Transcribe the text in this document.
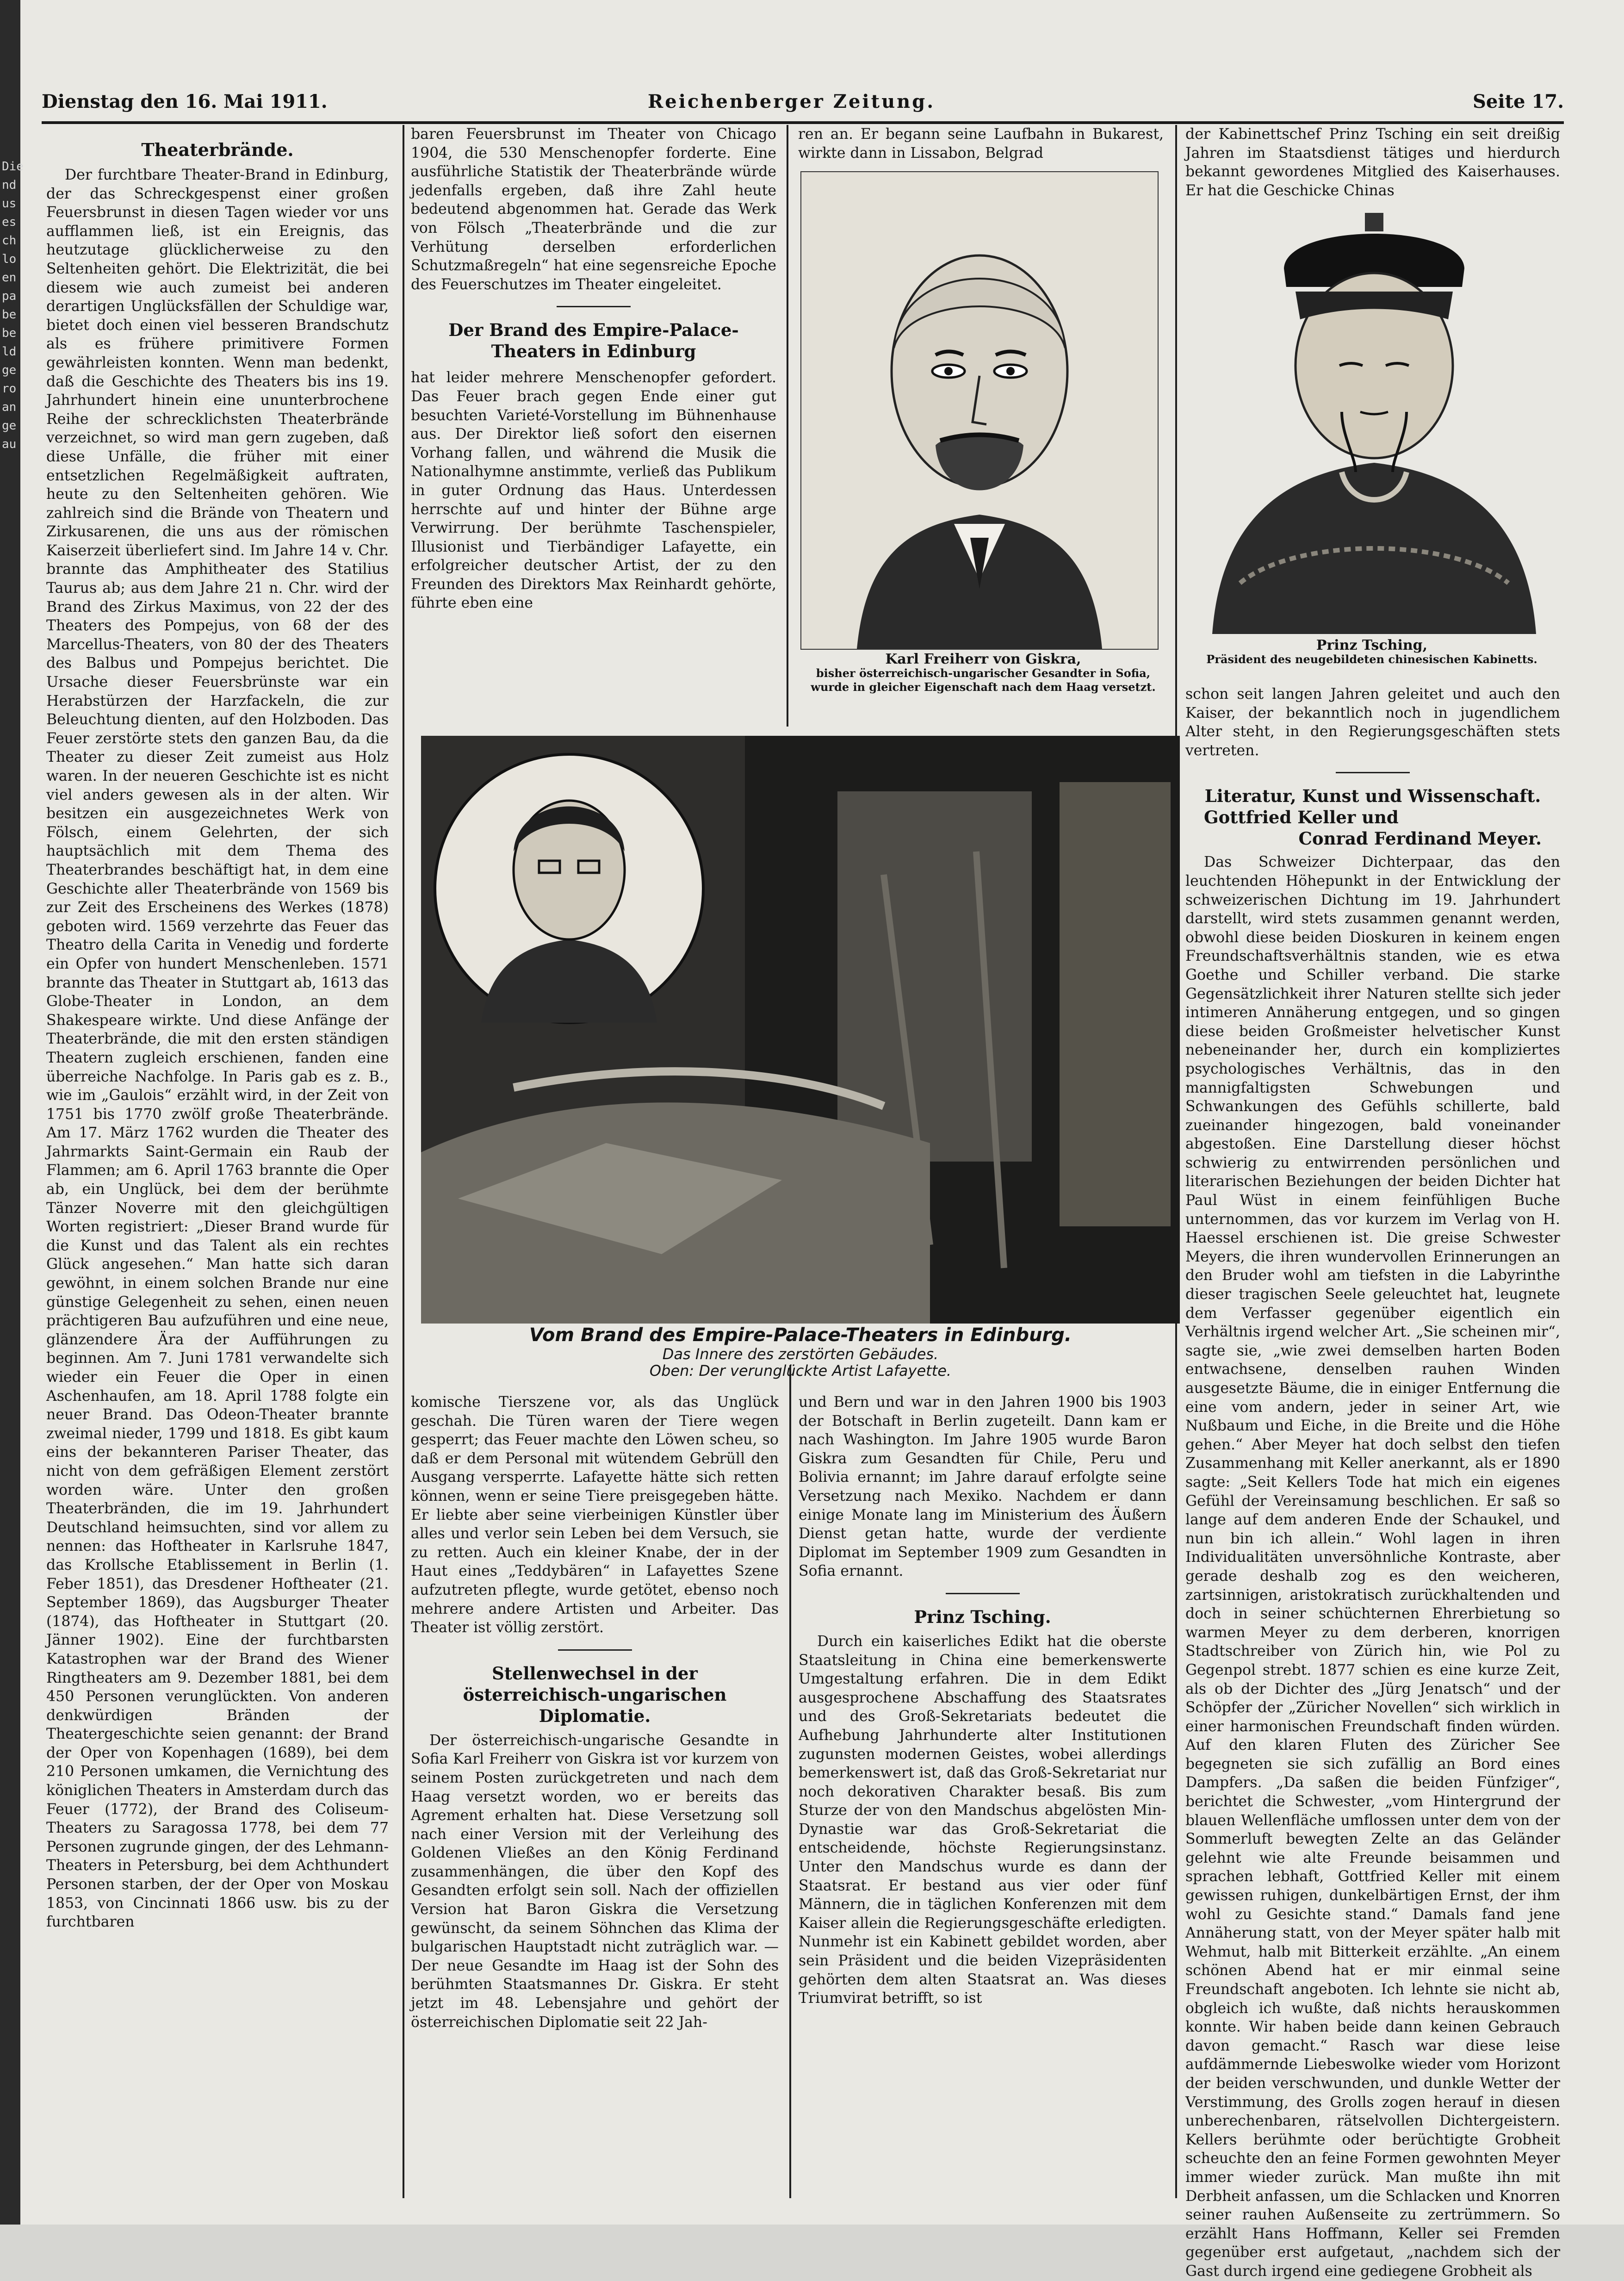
Die
nd
us
es
ch
lo
en
pa
be
be
ld
ge
ro
an
ge
au
Dienstag den 16. Mai 1911.	Reichenberger Zeitung.	Seite 17.
Theaterbrände.

Der furchtbare Theater-Brand in Edinburg, der das Schreckgespenst einer großen Feuersbrunst in diesen Tagen wieder vor uns aufflammen ließ, ist ein Ereignis, das heutzutage glücklicherweise zu den Seltenheiten gehört. Die Elektrizität, die bei diesem wie auch zumeist bei anderen derartigen Unglücksfällen der Schuldige war, bietet doch einen viel besseren Brandschutz als es frühere primitivere Formen gewährleisten konnten. Wenn man bedenkt, daß die Geschichte des Theaters bis ins 19. Jahrhundert hinein eine ununterbrochene Reihe der schrecklichsten Theaterbrände verzeichnet, so wird man gern zugeben, daß diese Unfälle, die früher mit einer entsetzlichen Regelmäßigkeit auftraten, heute zu den Seltenheiten gehören. Wie zahlreich sind die Brände von Theatern und Zirkusarenen, die uns aus der römischen Kaiserzeit überliefert sind. Im Jahre 14 v. Chr. brannte das Amphitheater des Statilius Taurus ab; aus dem Jahre 21 n. Chr. wird der Brand des Zirkus Maximus, von 22 der des Theaters des Pompejus, von 68 der des Marcellus-Theaters, von 80 der des Theaters des Balbus und Pompejus berichtet. Die Ursache dieser Feuersbrünste war ein Herabstürzen der Harzfackeln, die zur Beleuchtung dienten, auf den Holzboden. Das Feuer zerstörte stets den ganzen Bau, da die Theater zu dieser Zeit zumeist aus Holz waren. In der neueren Geschichte ist es nicht viel anders gewesen als in der alten. Wir besitzen ein ausgezeichnetes Werk von Fölsch, einem Gelehrten, der sich hauptsächlich mit dem Thema des Theaterbrandes beschäftigt hat, in dem eine Geschichte aller Theaterbrände von 1569 bis zur Zeit des Erscheinens des Werkes (1878) geboten wird. 1569 verzehrte das Feuer das Theatro della Carita in Venedig und forderte ein Opfer von hundert Menschenleben. 1571 brannte das Theater in Stuttgart ab, 1613 das Globe-Theater in London, an dem Shakespeare wirkte. Und diese Anfänge der Theaterbrände, die mit den ersten ständigen Theatern zugleich erschienen, fanden eine überreiche Nachfolge. In Paris gab es z. B., wie im „Gaulois“ erzählt wird, in der Zeit von 1751 bis 1770 zwölf große Theaterbrände. Am 17. März 1762 wurden die Theater des Jahrmarkts Saint-Germain ein Raub der Flammen; am 6. April 1763 brannte die Oper ab, ein Unglück, bei dem der berühmte Tänzer Noverre mit den gleichgültigen Worten registriert: „Dieser Brand wurde für die Kunst und das Talent als ein rechtes Glück angesehen.“ Man hatte sich daran gewöhnt, in einem solchen Brande nur eine günstige Gelegenheit zu sehen, einen neuen prächtigeren Bau aufzuführen und eine neue, glänzendere Ära der Aufführungen zu beginnen. Am 7. Juni 1781 verwandelte sich wieder ein Feuer die Oper in einen Aschenhaufen, am 18. April 1788 folgte ein neuer Brand. Das Odeon-Theater brannte zweimal nieder, 1799 und 1818. Es gibt kaum eins der bekannteren Pariser Theater, das nicht von dem gefräßigen Element zerstört worden wäre. Unter den großen Theaterbränden, die im 19. Jahrhundert Deutschland heimsuchten, sind vor allem zu nennen: das Hoftheater in Karlsruhe 1847, das Krollsche Etablissement in Berlin (1. Feber 1851), das Dresdener Hoftheater (21. September 1869), das Augsburger Theater (1874), das Hoftheater in Stuttgart (20. Jänner 1902). Eine der furchtbarsten Katastrophen war der Brand des Wiener Ringtheaters am 9. Dezember 1881, bei dem 450 Personen verunglückten. Von anderen denkwürdigen Bränden der Theatergeschichte seien genannt: der Brand der Oper von Kopenhagen (1689), bei dem 210 Personen umkamen, die Vernichtung des königlichen Theaters in Amsterdam durch das Feuer (1772), der Brand des Coliseum-Theaters zu Saragossa 1778, bei dem 77 Personen zugrunde gingen, der des Lehmann-Theaters in Petersburg, bei dem Achthundert Personen starben, der der Oper von Moskau 1853, von Cincinnati 1866 usw. bis zu der furchtbaren

baren Feuersbrunst im Theater von Chicago 1904, die 530 Menschenopfer forderte. Eine ausführliche Statistik der Theaterbrände würde jedenfalls ergeben, daß ihre Zahl heute bedeutend abgenommen hat. Gerade das Werk von Fölsch „Theaterbrände und die zur Verhütung derselben erforderlichen Schutzmaßregeln“ hat eine segensreiche Epoche des Feuerschutzes im Theater eingeleitet.

Der Brand des Empire-Palace-Theaters in Edinburg

hat leider mehrere Menschenopfer gefordert. Das Feuer brach gegen Ende einer gut besuchten Varieté-Vorstellung im Bühnenhause aus. Der Direktor ließ sofort den eisernen Vorhang fallen, und während die Musik die Nationalhymne anstimmte, verließ das Publikum in guter Ordnung das Haus. Unterdessen herrschte auf und hinter der Bühne arge Verwirrung. Der berühmte Taschenspieler, Illusionist und Tierbändiger Lafayette, ein erfolgreicher deutscher Artist, der zu den Freunden des Direktors Max Reinhardt gehörte, führte eben eine

ren an. Er begann seine Laufbahn in Bukarest, wirkte dann in Lissabon, Belgrad

Karl Freiherr von Giskra,
bisher österreichisch-ungarischer Gesandter in Sofia, wurde in gleicher Eigenschaft nach dem Haag versetzt.
Vom Brand des Empire-Palace-Theaters in Edinburg.
Das Innere des zerstörten Gebäudes.
Oben: Der verunglückte Artist Lafayette.

komische Tierszene vor, als das Unglück geschah. Die Türen waren der Tiere wegen gesperrt; das Feuer machte den Löwen scheu, so daß er dem Personal mit wütendem Gebrüll den Ausgang versperrte. Lafayette hätte sich retten können, wenn er seine Tiere preisgegeben hätte. Er liebte aber seine vierbeinigen Künstler über alles und verlor sein Leben bei dem Versuch, sie zu retten. Auch ein kleiner Knabe, der in der Haut eines „Teddybären“ in Lafayettes Szene aufzutreten pflegte, wurde getötet, ebenso noch mehrere andere Artisten und Arbeiter. Das Theater ist völlig zerstört.

Stellenwechsel in der
österreichisch-ungarischen Diplomatie.

Der österreichisch-ungarische Gesandte in Sofia Karl Freiherr von Giskra ist vor kurzem von seinem Posten zurückgetreten und nach dem Haag versetzt worden, wo er bereits das Agrement erhalten hat. Diese Versetzung soll nach einer Version mit der Verleihung des Goldenen Vließes an den König Ferdinand zusammenhängen, die über den Kopf des Gesandten erfolgt sein soll. Nach der offiziellen Version hat Baron Giskra die Versetzung gewünscht, da seinem Söhnchen das Klima der bulgarischen Hauptstadt nicht zuträglich war. — Der neue Gesandte im Haag ist der Sohn des berühmten Staatsmannes Dr. Giskra. Er steht jetzt im 48. Lebensjahre und gehört der österreichischen Diplomatie seit 22 Jah-

und Bern und war in den Jahren 1900 bis 1903 der Botschaft in Berlin zugeteilt. Dann kam er nach Washington. Im Jahre 1905 wurde Baron Giskra zum Gesandten für Chile, Peru und Bolivia ernannt; im Jahre darauf erfolgte seine Versetzung nach Mexiko. Nachdem er dann einige Monate lang im Ministerium des Äußern Dienst getan hatte, wurde der verdiente Diplomat im September 1909 zum Gesandten in Sofia ernannt.

Prinz Tsching.

Durch ein kaiserliches Edikt hat die oberste Staatsleitung in China eine bemerkenswerte Umgestaltung erfahren. Die in dem Edikt ausgesprochene Abschaffung des Staatsrates und des Groß-Sekretariats bedeutet die Aufhebung Jahrhunderte alter Institutionen zugunsten modernen Geistes, wobei allerdings bemerkenswert ist, daß das Groß-Sekretariat nur noch dekorativen Charakter besaß. Bis zum Sturze der von den Mandschus abgelösten Min-Dynastie war das Groß-Sekretariat die entscheidende, höchste Regierungsinstanz. Unter den Mandschus wurde es dann der Staatsrat. Er bestand aus vier oder fünf Männern, die in täglichen Konferenzen mit dem Kaiser allein die Regierungsgeschäfte erledigten. Nunmehr ist ein Kabinett gebildet worden, aber sein Präsident und die beiden Vizepräsidenten gehörten dem alten Staatsrat an. Was dieses Triumvirat betrifft, so ist

der Kabinettschef Prinz Tsching ein seit dreißig Jahren im Staatsdienst tätiges und hierdurch bekannt gewordenes Mitglied des Kaiserhauses. Er hat die Geschicke Chinas

Prinz Tsching,
Präsident des neugebildeten chinesischen Kabinetts.

schon seit langen Jahren geleitet und auch den Kaiser, der bekanntlich noch in jugendlichem Alter steht, in den Regierungsgeschäften stets vertreten.

Literatur, Kunst und Wissenschaft.
Gottfried Keller und
Conrad Ferdinand Meyer.

Das Schweizer Dichterpaar, das den leuchtenden Höhepunkt in der Entwicklung der schweizerischen Dichtung im 19. Jahrhundert darstellt, wird stets zusammen genannt werden, obwohl diese beiden Dioskuren in keinem engen Freundschaftsverhältnis standen, wie es etwa Goethe und Schiller verband. Die starke Gegensätzlichkeit ihrer Naturen stellte sich jeder intimeren Annäherung entgegen, und so gingen diese beiden Großmeister helvetischer Kunst nebeneinander her, durch ein kompliziertes psychologisches Verhältnis, das in den mannigfaltigsten Schwebungen und Schwankungen des Gefühls schillerte, bald zueinander hingezogen, bald voneinander abgestoßen. Eine Darstellung dieser höchst schwierig zu entwirrenden persönlichen und literarischen Beziehungen der beiden Dichter hat Paul Wüst in einem feinfühligen Buche unternommen, das vor kurzem im Verlag von H. Haessel erschienen ist. Die greise Schwester Meyers, die ihren wundervollen Erinnerungen an den Bruder wohl am tiefsten in die Labyrinthe dieser tragischen Seele geleuchtet hat, leugnete dem Verfasser gegenüber eigentlich ein Verhältnis irgend welcher Art. „Sie scheinen mir“, sagte sie, „wie zwei demselben harten Boden entwachsene, denselben rauhen Winden ausgesetzte Bäume, die in einiger Entfernung die eine vom andern, jeder in seiner Art, wie Nußbaum und Eiche, in die Breite und die Höhe gehen.“ Aber Meyer hat doch selbst den tiefen Zusammenhang mit Keller anerkannt, als er 1890 sagte: „Seit Kellers Tode hat mich ein eigenes Gefühl der Vereinsamung beschlichen. Er saß so lange auf dem anderen Ende der Schaukel, und nun bin ich allein.“ Wohl lagen in ihren Individualitäten unversöhnliche Kontraste, aber gerade deshalb zog es den weicheren, zartsinnigen, aristokratisch zurückhaltenden und doch in seiner schüchternen Ehrerbietung so warmen Meyer zu dem derberen, knorrigen Stadtschreiber von Zürich hin, wie Pol zu Gegenpol strebt. 1877 schien es eine kurze Zeit, als ob der Dichter des „Jürg Jenatsch“ und der Schöpfer der „Züricher Novellen“ sich wirklich in einer harmonischen Freundschaft finden würden. Auf den klaren Fluten des Züricher See begegneten sie sich zufällig an Bord eines Dampfers. „Da saßen die beiden Fünfziger“, berichtet die Schwester, „vom Hintergrund der blauen Wellenfläche umflossen unter dem von der Sommerluft bewegten Zelte an das Geländer gelehnt wie alte Freunde beisammen und sprachen lebhaft, Gottfried Keller mit einem gewissen ruhigen, dunkelbärtigen Ernst, der ihm wohl zu Gesichte stand.“ Damals fand jene Annäherung statt, von der Meyer später halb mit Wehmut, halb mit Bitterkeit erzählte. „An einem schönen Abend hat er mir einmal seine Freundschaft angeboten. Ich lehnte sie nicht ab, obgleich ich wußte, daß nichts herauskommen konnte. Wir haben beide dann keinen Gebrauch davon gemacht.“ Rasch war diese leise aufdämmernde Liebeswolke wieder vom Horizont der beiden verschwunden, und dunkle Wetter der Verstimmung, des Grolls zogen herauf in diesen unberechenbaren, rätselvollen Dichtergeistern. Kellers berühmte oder berüchtigte Grobheit scheuchte den an feine Formen gewohnten Meyer immer wieder zurück. Man mußte ihn mit Derbheit anfassen, um die Schlacken und Knorren seiner rauhen Außenseite zu zertrümmern. So erzählt Hans Hoffmann, Keller sei Fremden gegenüber erst aufgetaut, „nachdem sich der Gast durch irgend eine gediegene Grobheit als
